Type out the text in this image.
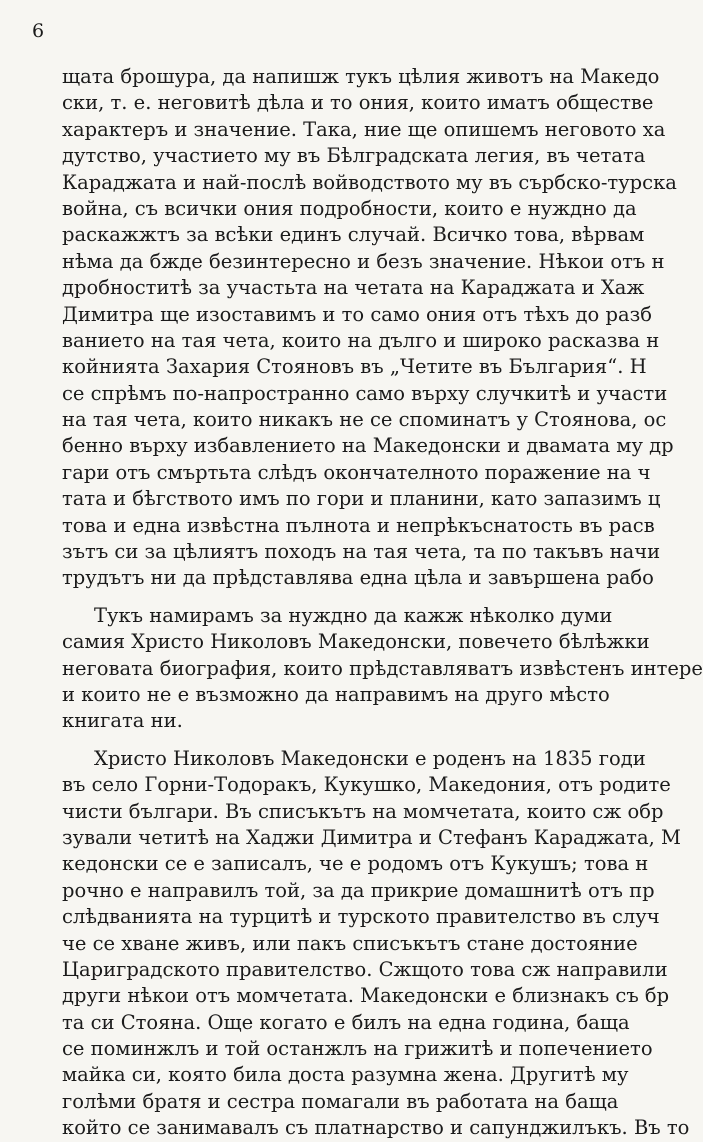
6
щата брошура, да напишж тукъ цѣлия животъ на Македо
ски, т. е. неговитѣ дѣла и то ония, които иматъ обществе
характеръ и значение. Така, ние ще опишемъ неговото ха
дутство, участието му въ Бѣлградската легия, въ четата
Караджата и най-послѣ войводството му въ сърбско-турска
война, съ всички ония подробности, които е нуждно да
раскажжтъ за всѣки единъ случай. Всичко това, вѣрвам
нѣма да бжде безинтересно и безъ значение. Нѣкои отъ н
дробноститѣ за участьта на четата на Караджата и Хаж
Димитра ще изоставимъ и то само ония отъ тѣхъ до разб
ванието на тая чета, които на дълго и широко расказва н
койнията Захария Стояновъ въ „Четите въ Бългaрия“. Н
се спрѣмъ по-напространно само върху случкитѣ и участи
на тая чета, които никакъ не се споминатъ у Стоянова, ос
бенно върху избавлението на Македонски и двамата му др
гари отъ смъртьта слѣдъ окончателното поражение на ч
тата и бѣгството имъ по гори и планини, като запазимъ ц
това и една извѣстна пълнота и непрѣкъснатость въ расв
зътъ си за цѣлиятъ походъ на тая чета, та по такъвъ начи
трудътъ ни да прѣдставлява една цѣла и завършена рабо
Тукъ намирамъ за нуждно да кажж нѣколко думи
самия Христо Николовъ Македонски, повечето бѣлѣжки
неговата биография, които прѣдставляватъ извѣстенъ интере
и които не е възможно да направимъ на друго мѣсто
книгата ни.
Христо Николовъ Македонски е роденъ на 1835 годи
въ село Горни-Тодоракъ, Кукушко, Македония, отъ родите
чисти българи. Въ списъкътъ на момчетата, които сж обр
зували четитѣ на Хаджи Димитра и Стефанъ Караджата, М
кедонски се е записалъ, че е родомъ отъ Кукушъ; това н
рочно е направилъ той, за да прикрие домашнитѣ отъ пр
слѣдванията на турцитѣ и турското правителство въ случ
че се хване живъ, или пакъ списъкътъ стане достояние
Цариградското правителство. Сжщото това сж направили
други нѣкои отъ момчетата. Македонски е близнакъ съ бр
та си Стояна. Още когато е билъ на една година, баща
се поминжлъ и той останжлъ на грижитѣ и попечението
майка си, която била доста разумна жена. Другитѣ му
голѣми братя и сестра помагали въ работата на баща
който се занимавалъ съ платнарство и сапунджилъкъ. Въ то
